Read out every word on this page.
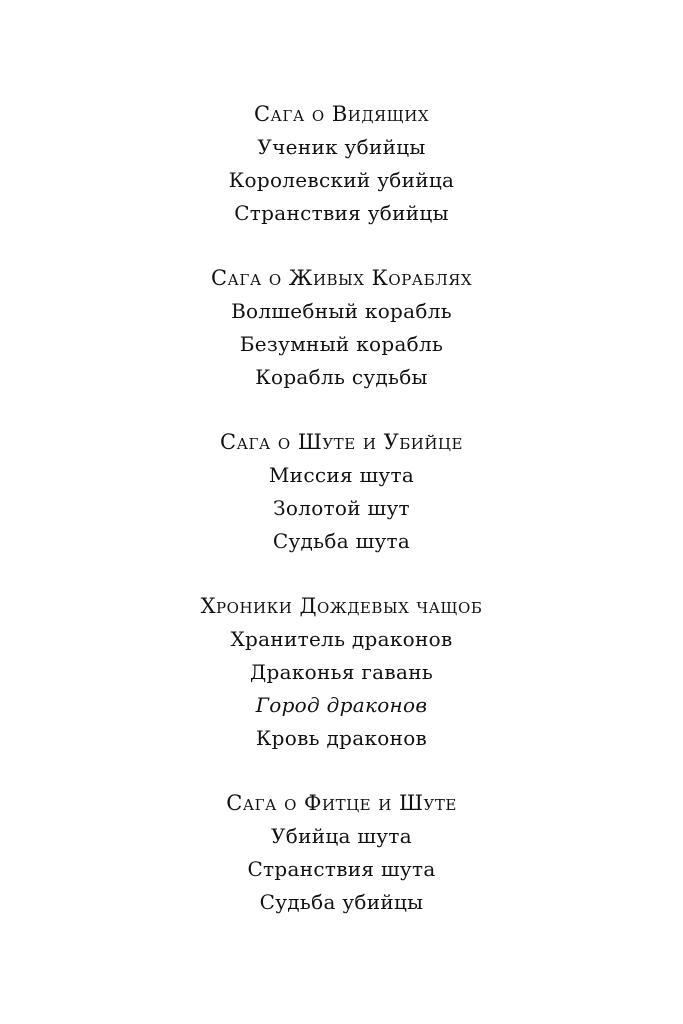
Сага о Видящих

Ученик убийцы

Королевский убийца

Странствия убийцы

Сага о Живых Кораблях

Волшебный корабль

Безумный корабль

Корабль судьбы

Сага о Шуте и Убийце

Миссия шута

Золотой шут

Судьба шута

Хроники Дождевых чащоб

Хранитель драконов

Драконья гавань

Город драконов

Кровь драконов

Сага о Фитце и Шуте

Убийца шута

Странствия шута

Судьба убийцы
